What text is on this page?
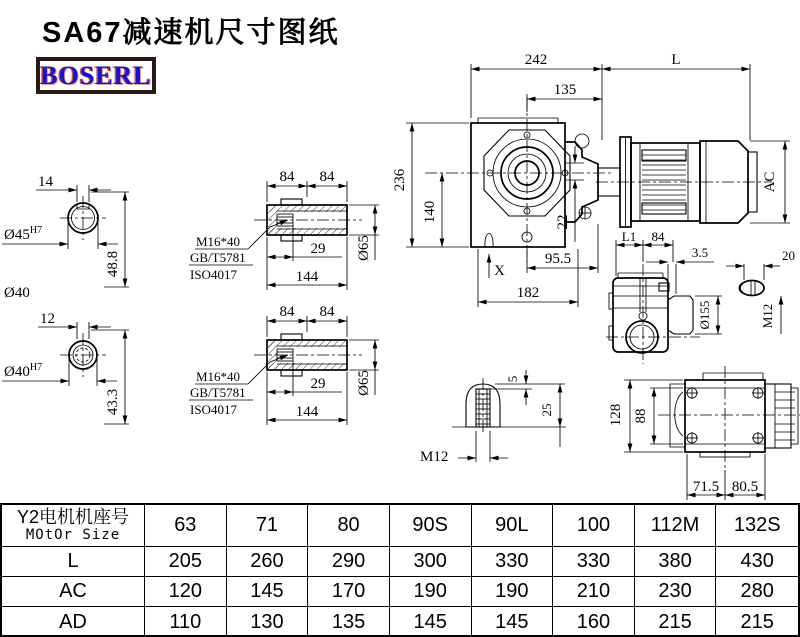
SA67减速机尺寸图纸
BOSERL
14
$Ø45^{H7}$
48.8
Ø40
12
$Ø40^{H7}$
43.3
84 84
29
144
Ø65
M16*40
GB/T5781
ISO4017
84 84
29
144
Ø65
M16*40
GB/T5781
ISO4017
242	L
135
236
140	22
95.5
X
182
AC
L1 84
3.5
Ø155
20
M12
5
25
M12
128 88
71.5 80.5
Y2电机机座号
MOtOr Size	63	71	80	90S	90L	100	112M	132S
L	205	260	290	300	330	330	380	430
AC	120	145	170	190	190	210	230	280
AD	110	130	135	145	145	160	215	215
